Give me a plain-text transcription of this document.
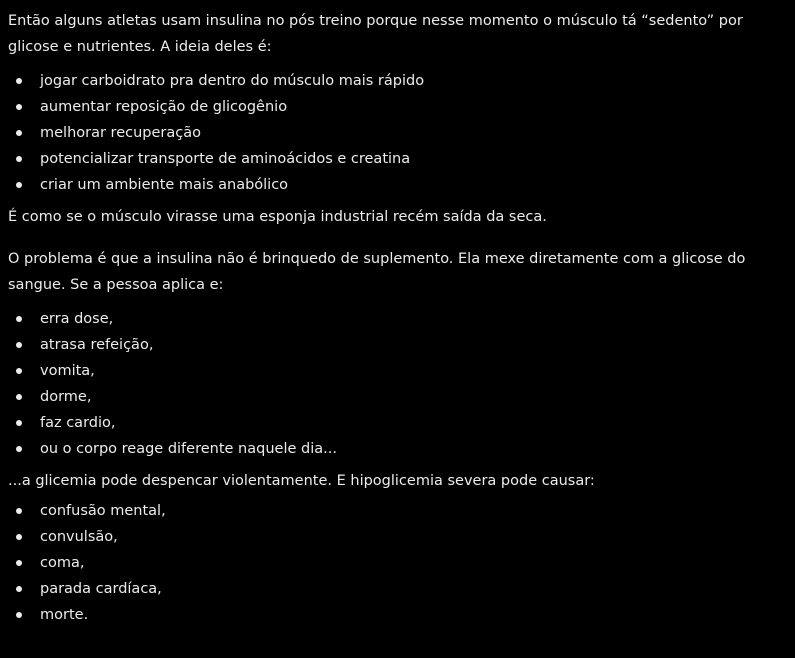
Então alguns atletas usam insulina no pós treino porque nesse momento o músculo tá “sedento” por glicose e nutrientes. A ideia deles é:

jogar carboidrato pra dentro do músculo mais rápido
aumentar reposição de glicogênio
melhorar recuperação
potencializar transporte de aminoácidos e creatina
criar um ambiente mais anabólico

É como se o músculo virasse uma esponja industrial recém saída da seca.

O problema é que a insulina não é brinquedo de suplemento. Ela mexe diretamente com a glicose do sangue. Se a pessoa aplica e:

erra dose,
atrasa refeição,
vomita,
dorme,
faz cardio,
ou o corpo reage diferente naquele dia...

...a glicemia pode despencar violentamente. E hipoglicemia severa pode causar:

confusão mental,
convulsão,
coma,
parada cardíaca,
morte.
